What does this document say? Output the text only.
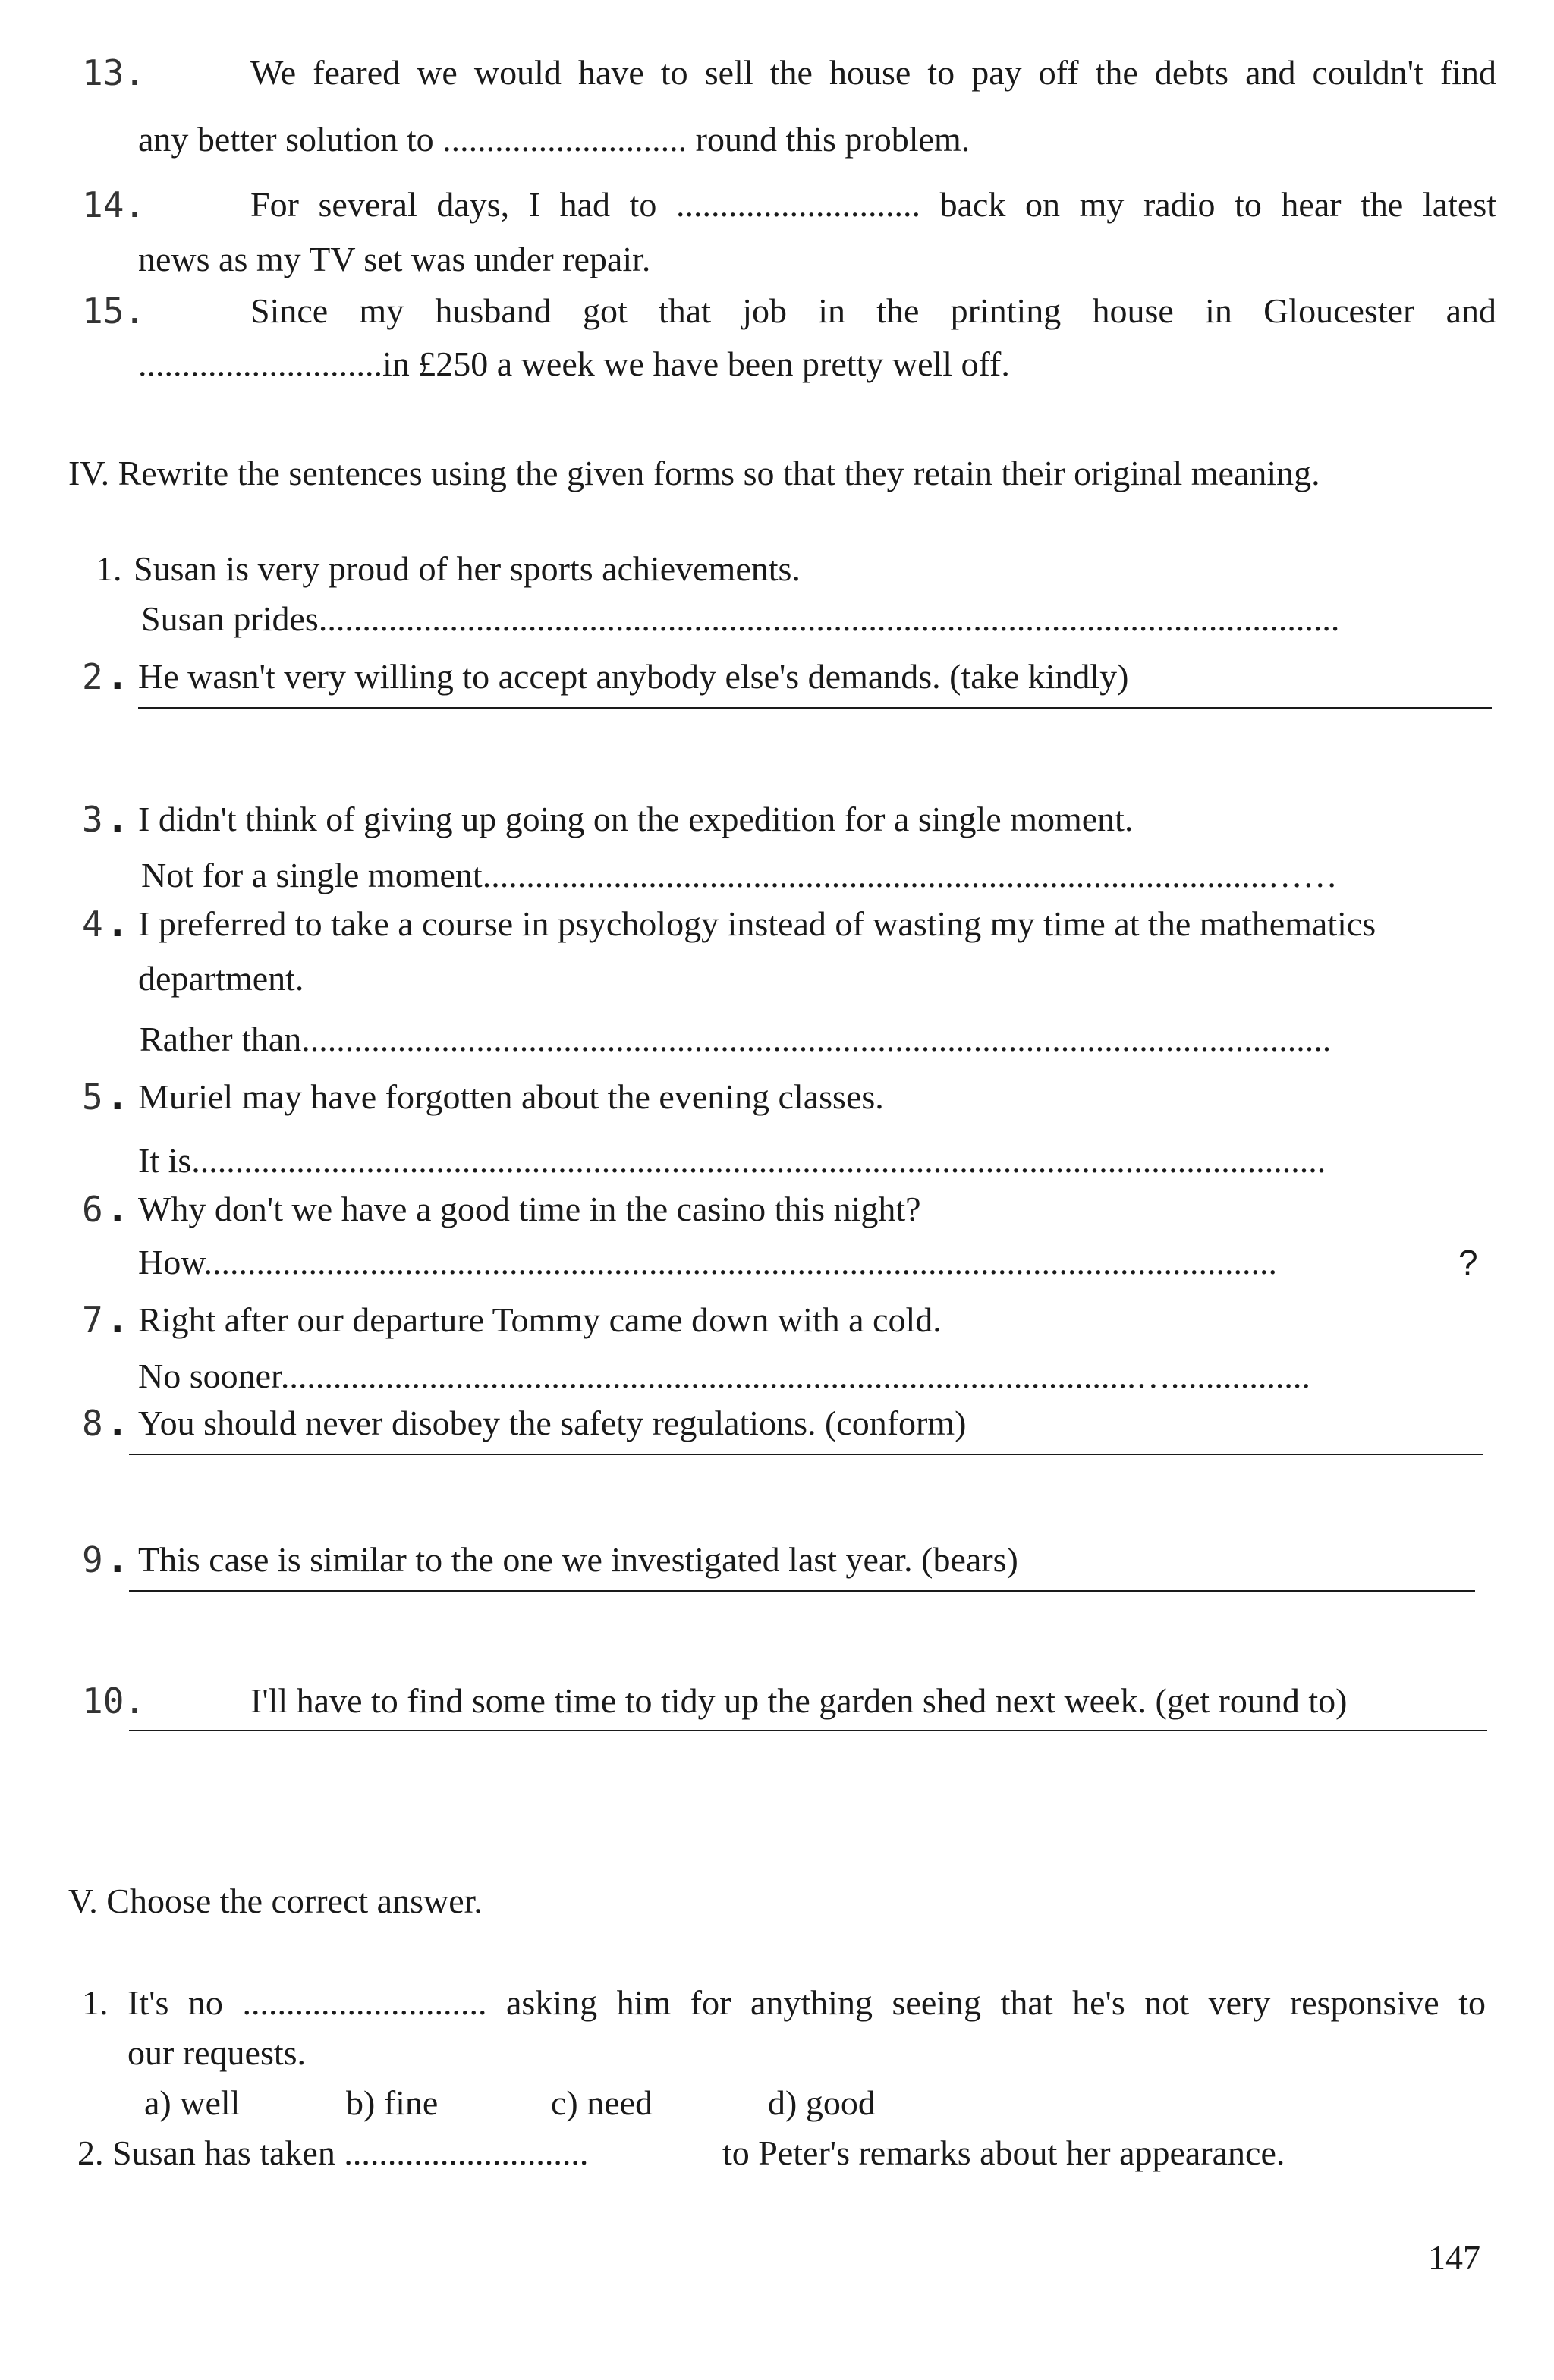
13.	We feared we would have to sell the house to pay off the debts and couldn't find
any better solution to ............................ round this problem.
14.	For several days, I had to ............................ back on my radio to hear the latest
news as my TV set was under repair.
15.	Since my husband got that job in the printing house in Gloucester and
............................in £250 a week we have been pretty well off.
IV. Rewrite the sentences using the given forms so that they retain their original meaning.
1. Susan is very proud of her sports achievements.
Susan prides.....................................................................................................................
2 . He wasn't very willing to accept anybody else's demands. (take kindly)
3 . I didn't think of giving up going on the expedition for a single moment.
Not for a single moment..........................................................................................……
4 . I preferred to take a course in psychology instead of wasting my time at the mathematics
department.
Rather than......................................................................................................................
5 . Muriel may have forgotten about the evening classes.
It is..................................................................................................................................
6 . Why don't we have a good time in the casino this night?
How...........................................................................................................................	?
7 . Right after our departure Tommy came down with a cold.
No sooner..................................................................................................…................
8 . You should never disobey the safety regulations. (conform)
9 . This case is similar to the one we investigated last year. (bears)
10.	I'll have to find some time to tidy up the garden shed next week. (get round to)
V. Choose the correct answer.
1. It's no ............................ asking him for anything seeing that he's not very responsive to
our requests.
a) well	b) fine	c) need	d) good
2. Susan has taken ............................	to Peter's remarks about her appearance.
147
